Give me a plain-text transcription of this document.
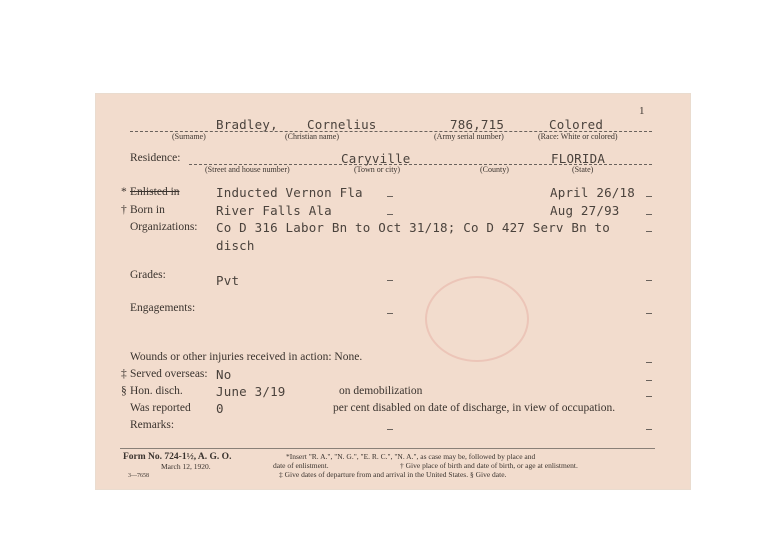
1
Bradley, Cornelius	786,715	Colored
(Surname)	(Christian name)	(Army serial number)	(Race: White or colored)
Residence:	Caryville	FLORIDA
(Street and house number)	(Town or city)	(County)	(State)
* Enlisted in	Inducted Vernon Fla	April 26/18
† Born in	River Falls Ala	Aug 27/93
Organizations: Co D 316 Labor Bn to Oct 31/18; Co D 427 Serv Bn to
disch
Grades:	Pvt
Engagements:
Wounds or other injuries received in action: None.
‡ Served overseas: No
§ Hon. disch.	June 3/19	on demobilization
Was reported 0	per cent disabled on date of discharge, in view of occupation.
Remarks:
Form No. 724-1½, A. G. O.
March 12, 1920.
3—7658
*Insert "R. A.", "N. G.", "E. R. C.", "N. A.", as case may be, followed by place and
date of enlistment.	† Give place of birth and date of birth, or age at enlistment.
‡ Give dates of departure from and arrival in the United States. § Give date.
